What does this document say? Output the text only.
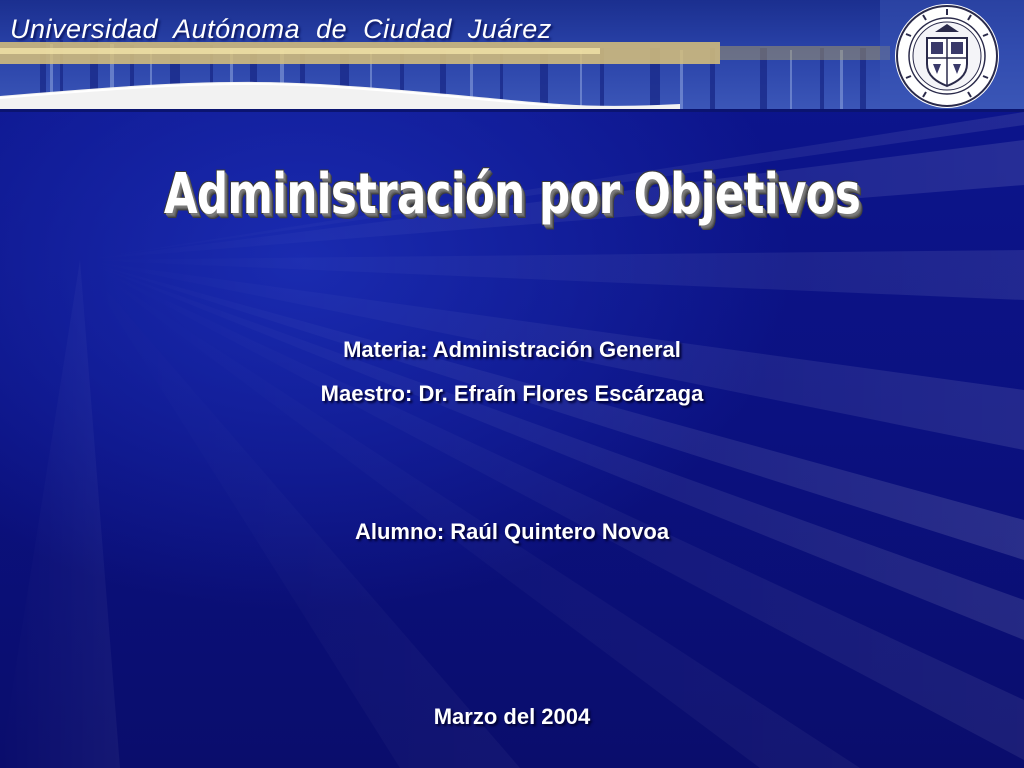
Universidad Autónoma de Ciudad Juárez
Administración por Objetivos
Materia: Administración General
Maestro: Dr. Efraín Flores Escárzaga
Alumno: Raúl Quintero Novoa
Marzo del 2004
